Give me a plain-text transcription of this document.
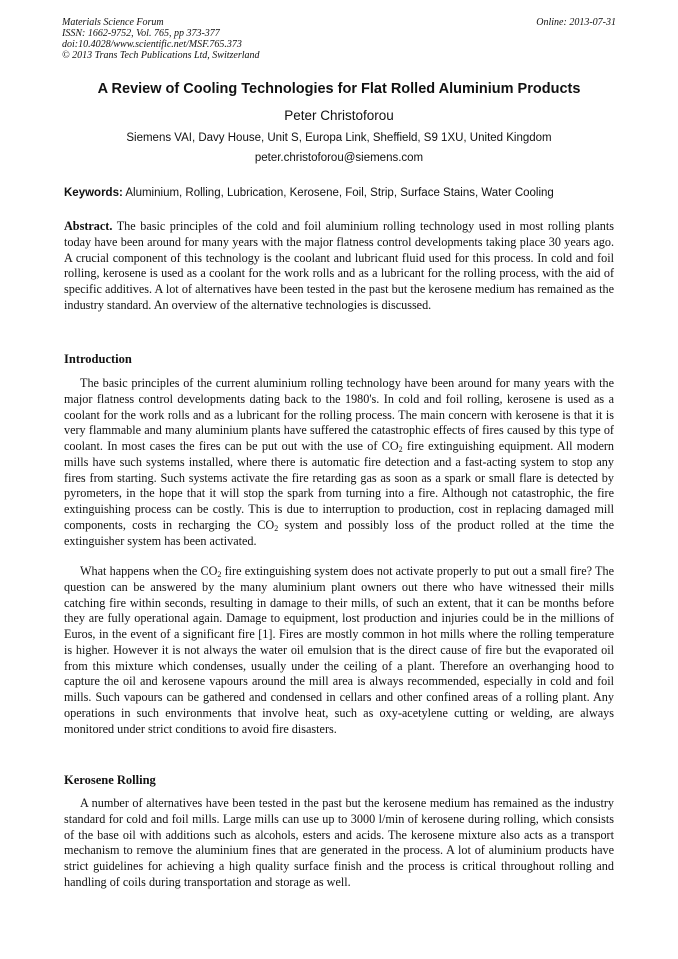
Materials Science Forum
ISSN: 1662-9752, Vol. 765, pp 373-377
doi:10.4028/www.scientific.net/MSF.765.373
© 2013 Trans Tech Publications Ltd, Switzerland
Online: 2013-07-31
A Review of Cooling Technologies for Flat Rolled Aluminium Products
Peter Christoforou
Siemens VAI, Davy House, Unit S, Europa Link, Sheffield, S9 1XU, United Kingdom
peter.christoforou@siemens.com
Keywords: Aluminium, Rolling, Lubrication, Kerosene, Foil, Strip, Surface Stains, Water Cooling
Abstract. The basic principles of the cold and foil aluminium rolling technology used in most rolling plants today have been around for many years with the major flatness control developments taking place 30 years ago. A crucial component of this technology is the coolant and lubricant fluid used for this process. In cold and foil rolling, kerosene is used as a coolant for the work rolls and as a lubricant for the rolling process, with the aid of specific additives. A lot of alternatives have been tested in the past but the kerosene medium has remained as the industry standard. An overview of the alternative technologies is discussed.
Introduction
The basic principles of the current aluminium rolling technology have been around for many years with the major flatness control developments dating back to the 1980's. In cold and foil rolling, kerosene is used as a coolant for the work rolls and as a lubricant for the rolling process. The main concern with kerosene is that it is very flammable and many aluminium plants have suffered the catastrophic effects of fires caused by this type of coolant. In most cases the fires can be put out with the use of $CO_2$ fire extinguishing equipment. All modern mills have such systems installed, where there is automatic fire detection and a fast-acting system to stop any fires from starting. Such systems activate the fire retarding gas as soon as a spark or small flare is detected by pyrometers, in the hope that it will stop the spark from turning into a fire. Although not catastrophic, the fire extinguishing process can be costly. This is due to interruption to production, cost in replacing damaged mill components, costs in recharging the $CO_2$ system and possibly loss of the product rolled at the time the extinguisher system has been activated.
What happens when the $CO_2$ fire extinguishing system does not activate properly to put out a small fire? The question can be answered by the many aluminium plant owners out there who have witnessed their mills catching fire within seconds, resulting in damage to their mills, of such an extent, that it can be months before they are fully operational again. Damage to equipment, lost production and injuries could be in the millions of Euros, in the event of a significant fire [1]. Fires are mostly common in hot mills where the rolling temperature is higher. However it is not always the water oil emulsion that is the direct cause of fire but the evaporated oil from this mixture which condenses, usually under the ceiling of a plant. Therefore an overhanging hood to capture the oil and kerosene vapours around the mill area is always recommended, especially in cold and foil mills. Such vapours can be gathered and condensed in cellars and other confined areas of a rolling plant. Any operations in such environments that involve heat, such as oxy-acetylene cutting or welding, are always monitored under strict conditions to avoid fire disasters.
Kerosene Rolling
A number of alternatives have been tested in the past but the kerosene medium has remained as the industry standard for cold and foil mills. Large mills can use up to 3000 l/min of kerosene during rolling, which consists of the base oil with additions such as alcohols, esters and acids. The kerosene mixture also acts as a transport mechanism to remove the aluminium fines that are generated in the process. A lot of aluminium products have strict guidelines for achieving a high quality surface finish and the process is critical throughout rolling and handling of coils during transportation and storage as well.
